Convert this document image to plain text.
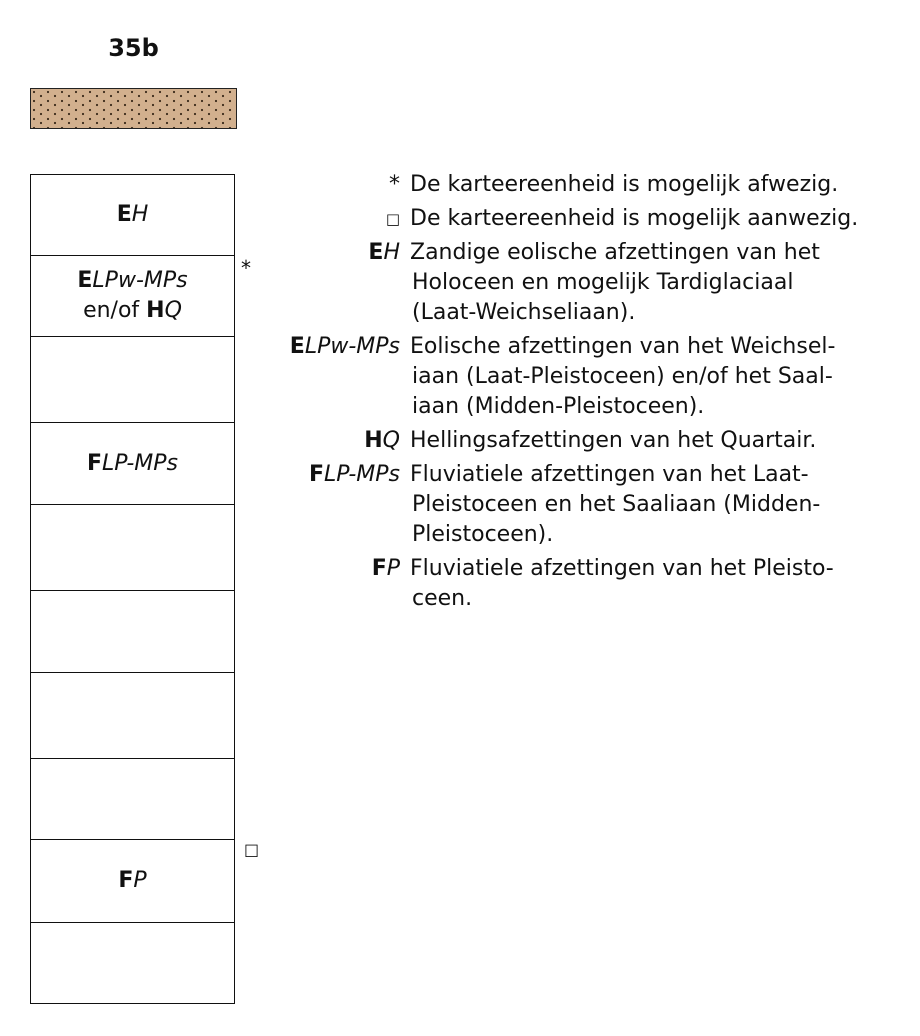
35b
EH
ELPw-MPs
en/of HQ
FLP-MPs
FP
*
□
* De karteereenheid is mogelijk afwezig.
□ De karteereenheid is mogelijk aanwezig.
EH Zandige eolische afzettingen van het
Holoceen en mogelijk Tardiglaciaal
(Laat-Weichseliaan).
ELPw-MPs Eolische afzettingen van het Weichsel-
iaan (Laat-Pleistoceen) en/of het Saal-
iaan (Midden-Pleistoceen).
HQ Hellingsafzettingen van het Quartair.
FLP-MPs Fluviatiele afzettingen van het Laat-
Pleistoceen en het Saaliaan (Midden-
Pleistoceen).
FP Fluviatiele afzettingen van het Pleisto-
ceen.
